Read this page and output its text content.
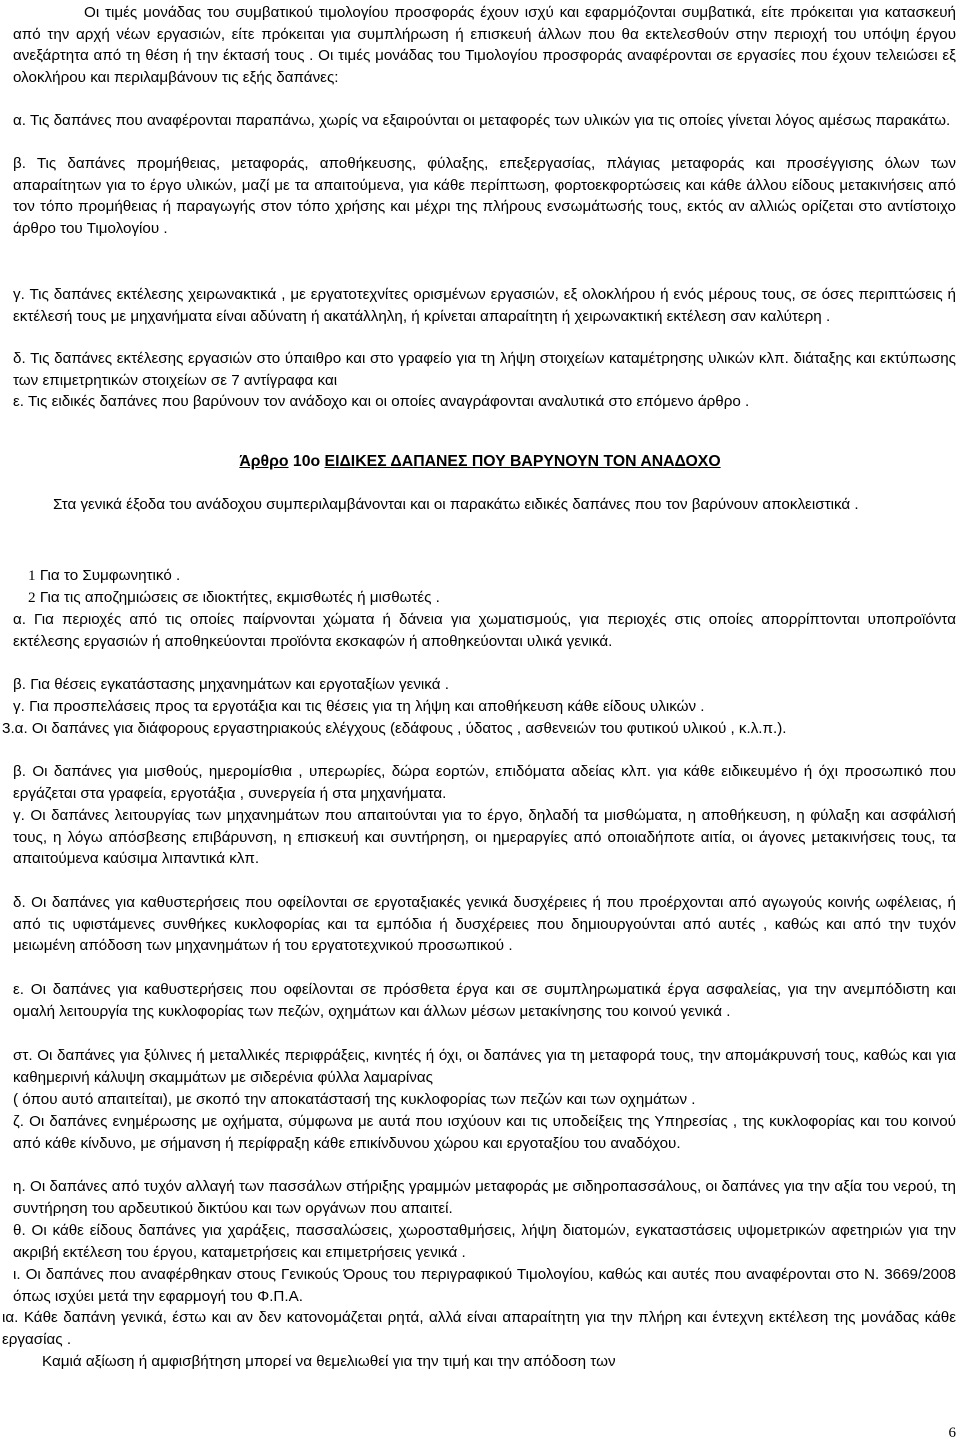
Οι τιμές μονάδας του συμβατικού τιμολογίου προσφοράς έχουν ισχύ και εφαρμόζονται συμβατικά, είτε πρόκειται για κατασκευή από την αρχή νέων εργασιών, είτε πρόκειται για συμπλήρωση ή επισκευή άλλων που θα εκτελεσθούν στην περιοχή του υπόψη έργου ανεξάρτητα από τη θέση ή την έκτασή τους . Οι τιμές μονάδας του Τιμολογίου προσφοράς αναφέρονται σε εργασίες που έχουν τελειώσει εξ ολοκλήρου και περιλαμβάνουν τις εξής δαπάνες:

α. Τις δαπάνες που αναφέρονται παραπάνω, χωρίς να εξαιρούνται οι μεταφορές των υλικών για τις οποίες γίνεται λόγος αμέσως παρακάτω.

β. Τις δαπάνες προμήθειας, μεταφοράς, αποθήκευσης, φύλαξης, επεξεργασίας, πλάγιας μεταφοράς και προσέγγισης όλων των απαραίτητων για το έργο υλικών, μαζί με τα απαιτούμενα, για κάθε περίπτωση, φορτοεκφορτώσεις και κάθε άλλου είδους μετακινήσεις από τον τόπο προμήθειας ή παραγωγής στον τόπο χρήσης και μέχρι της πλήρους ενσωμάτωσής τους, εκτός αν αλλιώς ορίζεται στο αντίστοιχο άρθρο του Τιμολογίου .

γ. Τις δαπάνες εκτέλεσης χειρωνακτικά , με εργατοτεχνίτες ορισμένων εργασιών, εξ ολοκλήρου ή ενός μέρους τους, σε όσες περιπτώσεις ή εκτέλεσή τους με μηχανήματα είναι αδύνατη ή ακατάλληλη, ή κρίνεται απαραίτητη ή χειρωνακτική εκτέλεση σαν καλύτερη .

δ. Τις δαπάνες εκτέλεσης εργασιών στο ύπαιθρο και στο γραφείο για τη λήψη στοιχείων καταμέτρησης υλικών κλπ. διάταξης και εκτύπωσης των επιμετρητικών στοιχείων σε 7 αντίγραφα και

ε. Τις ειδικές δαπάνες που βαρύνουν τον ανάδοχο και οι οποίες αναγράφονται αναλυτικά στο επόμενο άρθρο .

Άρθρο 10ο ΕΙΔΙΚΕΣ ΔΑΠΑΝΕΣ ΠΟΥ ΒΑΡΥΝΟΥΝ ΤΟΝ ΑΝΑΔΟΧΟ

Στα γενικά έξοδα του ανάδοχου συμπεριλαμβάνονται και οι παρακάτω ειδικές δαπάνες που τον βαρύνουν αποκλειστικά .

1 Για το Συμφωνητικό .
2 Για τις αποζημιώσεις σε ιδιοκτήτες, εκμισθωτές ή μισθωτές .

α. Για περιοχές από τις οποίες παίρνονται χώματα ή δάνεια για χωματισμούς, για περιοχές στις οποίες απορρίπτονται υποπροϊόντα εκτέλεσης εργασιών ή αποθηκεύονται προϊόντα εκσκαφών ή αποθηκεύονται υλικά γενικά.

β. Για θέσεις εγκατάστασης μηχανημάτων και εργοταξίων γενικά .

γ. Για προσπελάσεις προς τα εργοτάξια και τις θέσεις για τη λήψη και αποθήκευση κάθε είδους υλικών .

3.α. Οι δαπάνες για διάφορους εργαστηριακούς ελέγχους (εδάφους , ύδατος , ασθενειών του φυτικού υλικού , κ.λ.π.).

β. Οι δαπάνες για μισθούς, ημερομίσθια , υπερωρίες, δώρα εορτών, επιδόματα αδείας κλπ. για κάθε ειδικευμένο ή όχι προσωπικό που εργάζεται στα γραφεία, εργοτάξια , συνεργεία ή στα μηχανήματα.

γ. Οι δαπάνες λειτουργίας των μηχανημάτων που απαιτούνται για το έργο, δηλαδή τα μισθώματα, η αποθήκευση, η φύλαξη και ασφάλισή τους, η λόγω απόσβεσης επιβάρυνση, η επισκευή και συντήρηση, οι ημεραργίες από οποιαδήποτε αιτία, οι άγονες μετακινήσεις τους, τα απαιτούμενα καύσιμα λιπαντικά κλπ.

δ. Οι δαπάνες για καθυστερήσεις που οφείλονται σε εργοταξιακές γενικά δυσχέρειες ή που προέρχονται από αγωγούς κοινής ωφέλειας, ή από τις υφιστάμενες συνθήκες κυκλοφορίας και τα εμπόδια ή δυσχέρειες που δημιουργούνται από αυτές , καθώς και από την τυχόν μειωμένη απόδοση των μηχανημάτων ή του εργατοτεχνικού προσωπικού .

ε. Οι δαπάνες για καθυστερήσεις που οφείλονται σε πρόσθετα έργα και σε συμπληρωματικά έργα ασφαλείας, για την ανεμπόδιστη και ομαλή λειτουργία της κυκλοφορίας των πεζών, οχημάτων και άλλων μέσων μετακίνησης του κοινού γενικά .

στ. Οι δαπάνες για ξύλινες ή μεταλλικές περιφράξεις, κινητές ή όχι, οι δαπάνες για τη μεταφορά τους, την απομάκρυνσή τους, καθώς και για καθημερινή κάλυψη σκαμμάτων με σιδερένια φύλλα λαμαρίνας

( όπου αυτό απαιτείται), με σκοπό την αποκατάστασή της κυκλοφορίας των πεζών και των οχημάτων .

ζ. Οι δαπάνες ενημέρωσης με οχήματα, σύμφωνα με αυτά που ισχύουν και τις υποδείξεις της Υπηρεσίας , της κυκλοφορίας και του κοινού από κάθε κίνδυνο, με σήμανση ή περίφραξη κάθε επικίνδυνου χώρου και εργοταξίου του αναδόχου.

η. Οι δαπάνες από τυχόν αλλαγή των πασσάλων στήριξης γραμμών μεταφοράς με σιδηροπασσάλους, οι δαπάνες για την αξία του νερού, τη συντήρηση του αρδευτικού δικτύου και των οργάνων που απαιτεί.

θ. Οι κάθε είδους δαπάνες για χαράξεις, πασσαλώσεις, χωροσταθμήσεις, λήψη διατομών, εγκαταστάσεις υψομετρικών αφετηριών για την ακριβή εκτέλεση του έργου, καταμετρήσεις και επιμετρήσεις γενικά .

ι. Οι δαπάνες που αναφέρθηκαν στους Γενικούς Όρους του περιγραφικού Τιμολογίου, καθώς και αυτές που αναφέρονται στο Ν. 3669/2008 όπως ισχύει μετά την εφαρμογή του Φ.Π.Α.

ια. Κάθε δαπάνη γενικά, έστω και αν δεν κατονομάζεται ρητά, αλλά είναι απαραίτητη για την πλήρη και έντεχνη εκτέλεση της μονάδας κάθε εργασίας .

Καμιά αξίωση ή αμφισβήτηση μπορεί να θεμελιωθεί για την τιμή και την απόδοση των
6
